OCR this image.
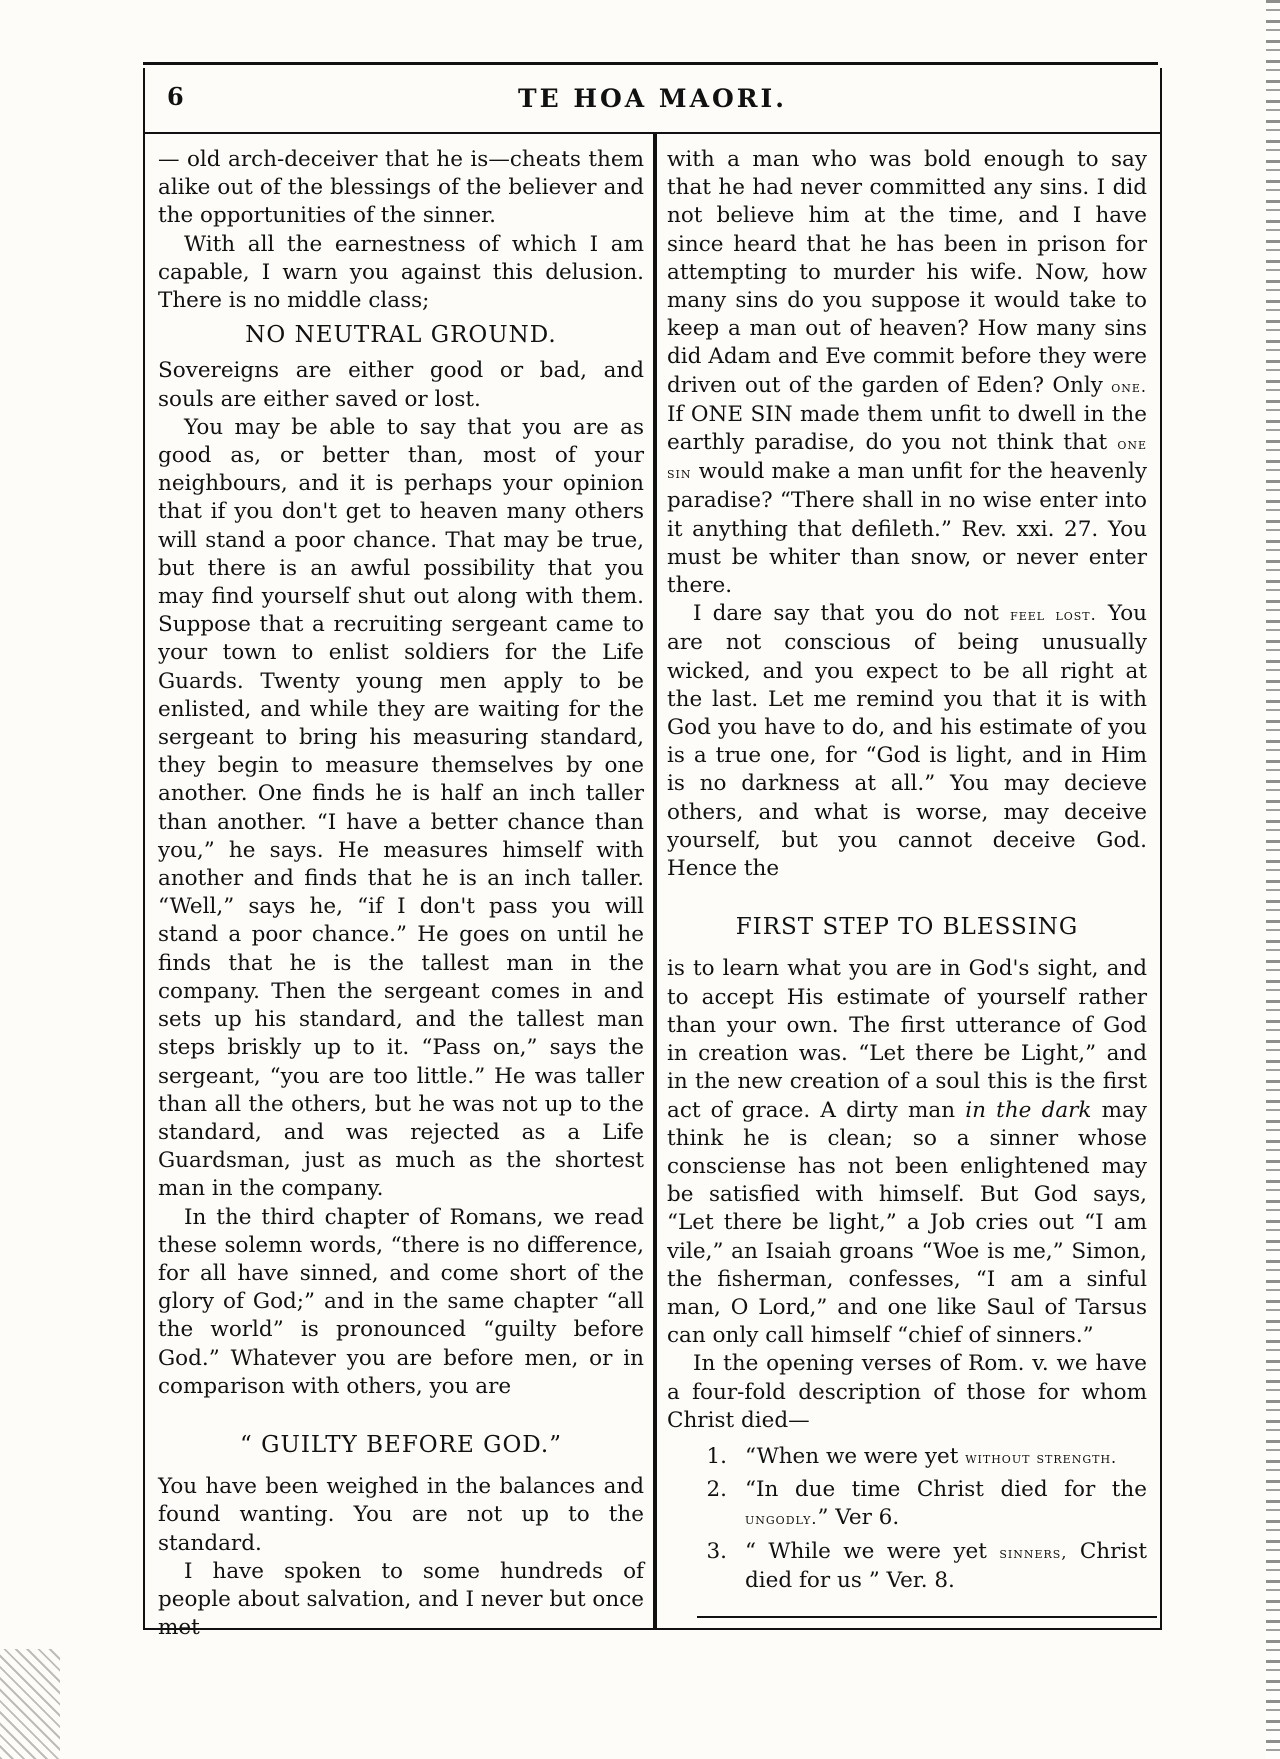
6	TE HOA MAORI.

— old arch-deceiver that he is—cheats them alike out of the blessings of the believer and the opportunities of the sinner.

With all the earnestness of which I am capable, I warn you against this delusion. There is no middle class;

NO NEUTRAL GROUND.

Sovereigns are either good or bad, and souls are either saved or lost.

You may be able to say that you are as good as, or better than, most of your neighbours, and it is perhaps your opinion that if you don't get to heaven many others will stand a poor chance. That may be true, but there is an awful possibility that you may find yourself shut out along with them. Suppose that a recruiting sergeant came to your town to enlist soldiers for the Life Guards. Twenty young men apply to be enlisted, and while they are waiting for the sergeant to bring his measuring standard, they begin to measure themselves by one another. One finds he is half an inch taller than another. “I have a better chance than you,” he says. He measures himself with another and finds that he is an inch taller. “Well,” says he, “if I don't pass you will stand a poor chance.” He goes on until he finds that he is the tallest man in the company. Then the sergeant comes in and sets up his standard, and the tallest man steps briskly up to it. “Pass on,” says the sergeant, “you are too little.” He was taller than all the others, but he was not up to the standard, and was rejected as a Life Guardsman, just as much as the shortest man in the company.

In the third chapter of Romans, we read these solemn words, “there is no difference, for all have sinned, and come short of the glory of God;” and in the same chapter “all the world” is pronounced “guilty before God.” Whatever you are before men, or in comparison with others, you are

“ GUILTY BEFORE GOD.”

You have been weighed in the balances and found wanting. You are not up to the standard.

I have spoken to some hundreds of people about salvation, and I never but once met

with a man who was bold enough to say that he had never committed any sins. I did not believe him at the time, and I have since heard that he has been in prison for attempting to murder his wife. Now, how many sins do you suppose it would take to keep a man out of heaven? How many sins did Adam and Eve commit before they were driven out of the garden of Eden? Only one. If ONE SIN made them unfit to dwell in the earthly paradise, do you not think that one sin would make a man unfit for the heavenly paradise? “There shall in no wise enter into it anything that defileth.” Rev. xxi. 27. You must be whiter than snow, or never enter there.

I dare say that you do not feel lost. You are not conscious of being unusually wicked, and you expect to be all right at the last. Let me remind you that it is with God you have to do, and his estimate of you is a true one, for “God is light, and in Him is no darkness at all.” You may decieve others, and what is worse, may deceive yourself, but you cannot deceive God. Hence the

FIRST STEP TO BLESSING

is to learn what you are in God's sight, and to accept His estimate of yourself rather than your own. The first utterance of God in creation was. “Let there be Light,” and in the new creation of a soul this is the first act of grace. A dirty man in the dark may think he is clean; so a sinner whose consciense has not been enlightened may be satisfied with himself. But God says, “Let there be light,” a Job cries out “I am vile,” an Isaiah groans “Woe is me,” Simon, the fisherman, confesses, “I am a sinful man, O Lord,” and one like Saul of Tarsus can only call himself “chief of sinners.”

In the opening verses of Rom. v. we have a four-fold description of those for whom Christ died—

1. “When we were yet without strength.
2. “In due time Christ died for the ungodly.” Ver 6.
3. “ While we were yet sinners, Christ died for us ” Ver. 8.
